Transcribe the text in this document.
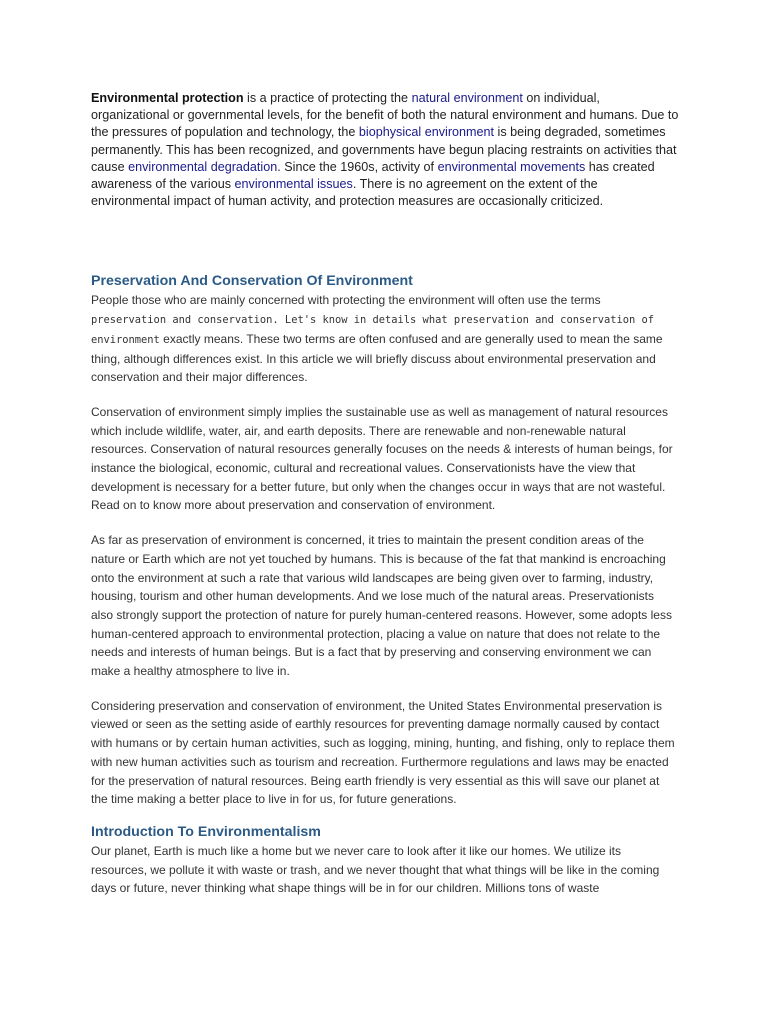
Environmental protection is a practice of protecting the natural environment on individual, organizational or governmental levels, for the benefit of both the natural environment and humans. Due to the pressures of population and technology, the biophysical environment is being degraded, sometimes permanently. This has been recognized, and governments have begun placing restraints on activities that cause environmental degradation. Since the 1960s, activity of environmental movements has created awareness of the various environmental issues. There is no agreement on the extent of the environmental impact of human activity, and protection measures are occasionally criticized.

Preservation And Conservation Of Environment

People those who are mainly concerned with protecting the environment will often use the terms preservation and conservation. Let's know in details what preservation and conservation of environment exactly means. These two terms are often confused and are generally used to mean the same thing, although differences exist. In this article we will briefly discuss about environmental preservation and conservation and their major differences.

Conservation of environment simply implies the sustainable use as well as management of natural resources which include wildlife, water, air, and earth deposits. There are renewable and non-renewable natural resources. Conservation of natural resources generally focuses on the needs & interests of human beings, for instance the biological, economic, cultural and recreational values. Conservationists have the view that development is necessary for a better future, but only when the changes occur in ways that are not wasteful. Read on to know more about preservation and conservation of environment.

As far as preservation of environment is concerned, it tries to maintain the present condition areas of the nature or Earth which are not yet touched by humans. This is because of the fat that mankind is encroaching onto the environment at such a rate that various wild landscapes are being given over to farming, industry, housing, tourism and other human developments. And we lose much of the natural areas. Preservationists also strongly support the protection of nature for purely human-centered reasons. However, some adopts less human-centered approach to environmental protection, placing a value on nature that does not relate to the needs and interests of human beings. But is a fact that by preserving and conserving environment we can make a healthy atmosphere to live in.

Considering preservation and conservation of environment, the United States Environmental preservation is viewed or seen as the setting aside of earthly resources for preventing damage normally caused by contact with humans or by certain human activities, such as logging, mining, hunting, and fishing, only to replace them with new human activities such as tourism and recreation. Furthermore regulations and laws may be enacted for the preservation of natural resources. Being earth friendly is very essential as this will save our planet at the time making a better place to live in for us, for future generations.

Introduction To Environmentalism

Our planet, Earth is much like a home but we never care to look after it like our homes. We utilize its resources, we pollute it with waste or trash, and we never thought that what things will be like in the coming days or future, never thinking what shape things will be in for our children. Millions tons of waste
